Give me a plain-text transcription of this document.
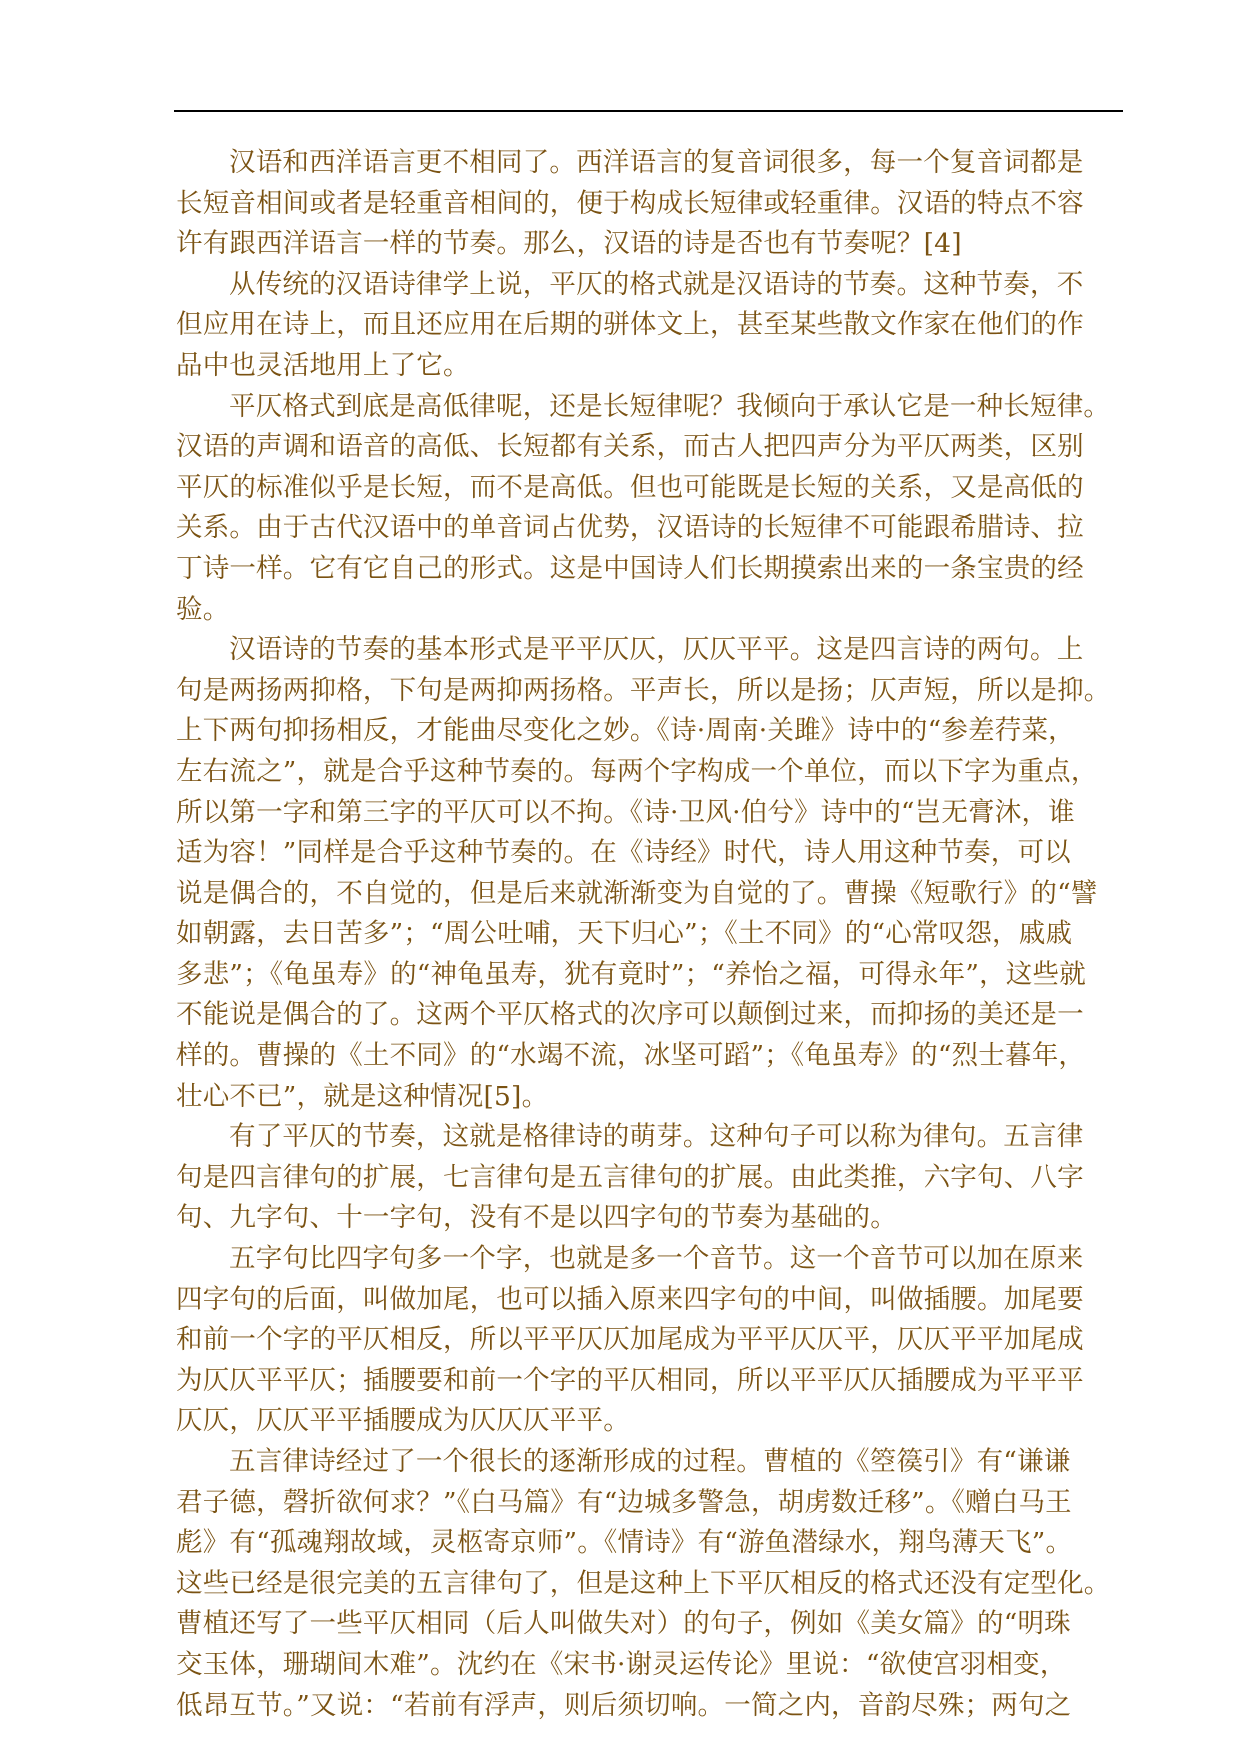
汉语和西洋语言更不相同了。西洋语言的复音词很多，每一个复音词都是
长短音相间或者是轻重音相间的，便于构成长短律或轻重律。汉语的特点不容
许有跟西洋语言一样的节奏。那么，汉语的诗是否也有节奏呢？[4]

从传统的汉语诗律学上说，平仄的格式就是汉语诗的节奏。这种节奏，不
但应用在诗上，而且还应用在后期的骈体文上，甚至某些散文作家在他们的作
品中也灵活地用上了它。

平仄格式到底是高低律呢，还是长短律呢？我倾向于承认它是一种长短律。
汉语的声调和语音的高低、长短都有关系，而古人把四声分为平仄两类，区别
平仄的标准似乎是长短，而不是高低。但也可能既是长短的关系，又是高低的
关系。由于古代汉语中的单音词占优势，汉语诗的长短律不可能跟希腊诗、拉
丁诗一样。它有它自己的形式。这是中国诗人们长期摸索出来的一条宝贵的经
验。

汉语诗的节奏的基本形式是平平仄仄，仄仄平平。这是四言诗的两句。上
句是两扬两抑格，下句是两抑两扬格。平声长，所以是扬；仄声短，所以是抑。
上下两句抑扬相反，才能曲尽变化之妙。《诗·周南·关雎》诗中的“参差荇菜，
左右流之”，就是合乎这种节奏的。每两个字构成一个单位，而以下字为重点，
所以第一字和第三字的平仄可以不拘。《诗·卫风·伯兮》诗中的“岂无膏沐，谁
适为容！”同样是合乎这种节奏的。在《诗经》时代，诗人用这种节奏，可以
说是偶合的，不自觉的，但是后来就渐渐变为自觉的了。曹操《短歌行》的“譬
如朝露，去日苦多”；“周公吐哺，天下归心”；《土不同》的“心常叹怨，戚戚
多悲”；《龟虽寿》的“神龟虽寿，犹有竟时”；“养怡之福，可得永年”，这些就
不能说是偶合的了。这两个平仄格式的次序可以颠倒过来，而抑扬的美还是一
样的。曹操的《土不同》的“水竭不流，冰坚可蹈”；《龟虽寿》的“烈士暮年，
壮心不已”，就是这种情况[5]。

有了平仄的节奏，这就是格律诗的萌芽。这种句子可以称为律句。五言律
句是四言律句的扩展，七言律句是五言律句的扩展。由此类推，六字句、八字
句、九字句、十一字句，没有不是以四字句的节奏为基础的。

五字句比四字句多一个字，也就是多一个音节。这一个音节可以加在原来
四字句的后面，叫做加尾，也可以插入原来四字句的中间，叫做插腰。加尾要
和前一个字的平仄相反，所以平平仄仄加尾成为平平仄仄平，仄仄平平加尾成
为仄仄平平仄；插腰要和前一个字的平仄相同，所以平平仄仄插腰成为平平平
仄仄，仄仄平平插腰成为仄仄仄平平。

五言律诗经过了一个很长的逐渐形成的过程。曹植的《箜篌引》有“谦谦
君子德，磬折欲何求？”《白马篇》有“边城多警急，胡虏数迁移”。《赠白马王
彪》有“孤魂翔故域，灵柩寄京师”。《情诗》有“游鱼潜绿水，翔鸟薄天飞”。
这些已经是很完美的五言律句了，但是这种上下平仄相反的格式还没有定型化。
曹植还写了一些平仄相同（后人叫做失对）的句子，例如《美女篇》的“明珠
交玉体，珊瑚间木难”。沈约在《宋书·谢灵运传论》里说：“欲使宫羽相变，
低昂互节。”又说：“若前有浮声，则后须切响。一简之内，音韵尽殊；两句之
